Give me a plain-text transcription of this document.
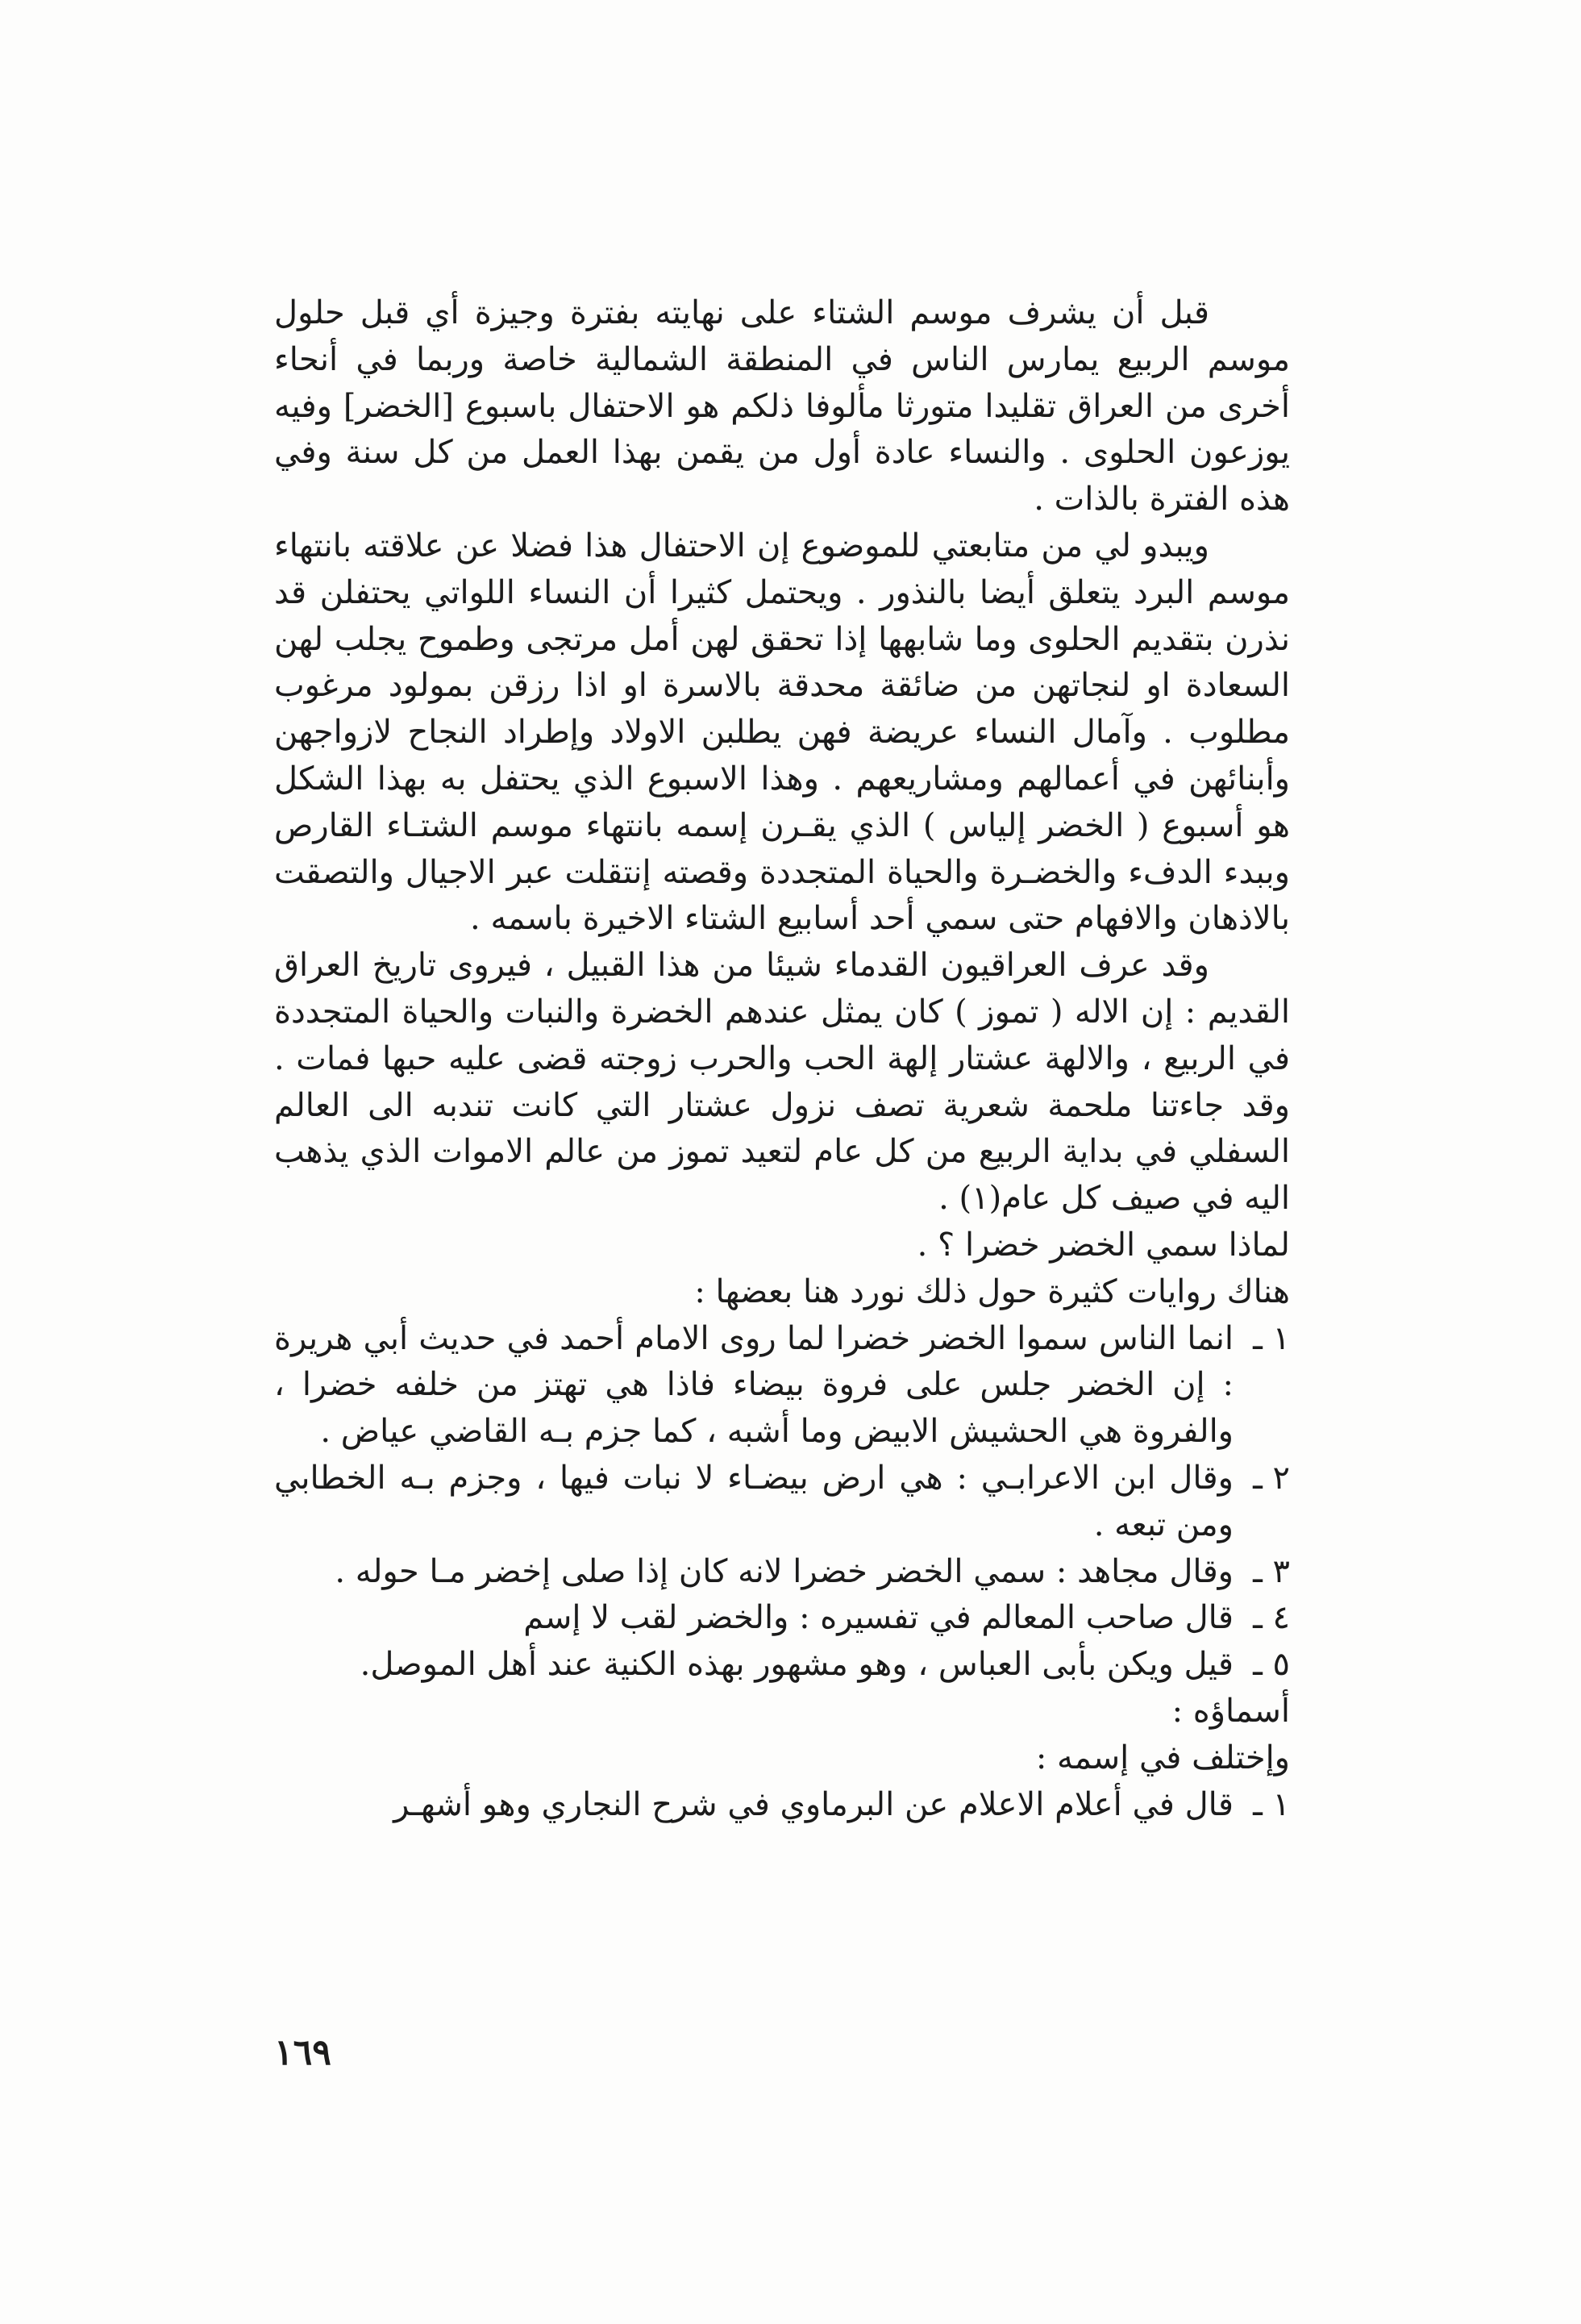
قبل أن يشرف موسم الشتاء على نهايته بفترة وجيزة أي قبل حلول موسم الربيع يمارس الناس في المنطقة الشمالية خاصة وربما في أنحاء أخرى من العراق تقليدا متورثا مألوفا ذلكم هو الاحتفال باسبوع [الخضر] وفيه يوزعون الحلوى . والنساء عادة أول من يقمن بهذا العمل من كل سنة وفي هذه الفترة بالذات .

ويبدو لي من متابعتي للموضوع إن الاحتفال هذا فضلا عن علاقته بانتهاء موسم البرد يتعلق أيضا بالنذور . ويحتمل كثيرا أن النساء اللواتي يحتفلن قد نذرن بتقديم الحلوى وما شابهها إذا تحقق لهن أمل مرتجى وطموح يجلب لهن السعادة او لنجاتهن من ضائقة محدقة بالاسرة او اذا رزقن بمولود مرغوب مطلوب . وآمال النساء عريضة فهن يطلبن الاولاد وإطراد النجاح لازواجهن وأبنائهن في أعمالهم ومشاريعهم . وهذا الاسبوع الذي يحتفل به بهذا الشكل هو أسبوع ( الخضر إلياس ) الذي يقـرن إسمه بانتهاء موسم الشتـاء القارص وببدء الدفء والخضـرة والحياة المتجددة وقصته إنتقلت عبر الاجيال والتصقت بالاذهان والافهام حتى سمي أحد أسابيع الشتاء الاخيرة باسمه .

وقد عرف العراقيون القدماء شيئا من هذا القبيل ، فيروى تاريخ العراق القديم : إن الاله ( تموز ) كان يمثل عندهم الخضرة والنبات والحياة المتجددة في الربيع ، والالهة عشتار إلهة الحب والحرب زوجته قضى عليه حبها فمات . وقد جاءتنا ملحمة شعرية تصف نزول عشتار التي كانت تندبه الى العالم السفلي في بداية الربيع من كل عام لتعيد تموز من عالم الاموات الذي يذهب اليه في صيف كل عام(١) .

لماذا سمي الخضر خضرا ؟ .

هناك روايات كثيرة حول ذلك نورد هنا بعضها :

١ ـ
انما الناس سموا الخضر خضرا لما روى الامام أحمد في حديث أبي هريرة : إن الخضر جلس على فروة بيضاء فاذا هي تهتز من خلفه خضرا ، والفروة هي الحشيش الابيض وما أشبه ، كما جزم بـه القاضي عياض .
٢ ـ
وقال ابن الاعرابـي : هي ارض بيضـاء لا نبات فيها ، وجزم بـه الخطابي ومن تبعه .
٣ ـ
وقال مجاهد : سمي الخضر خضرا لانه كان إذا صلى إخضر مـا حوله .
٤ ـ
قال صاحب المعالم في تفسيره : والخضر لقب لا إسم
٥ ـ
قيل ويكن بأبى العباس ، وهو مشهور بهذه الكنية عند أهل الموصل.

أسماؤه :

وإختلف في إسمه :

١ ـ
قال في أعلام الاعلام عن البرماوي في شرح النجاري وهو أشهـر
١٦٩
